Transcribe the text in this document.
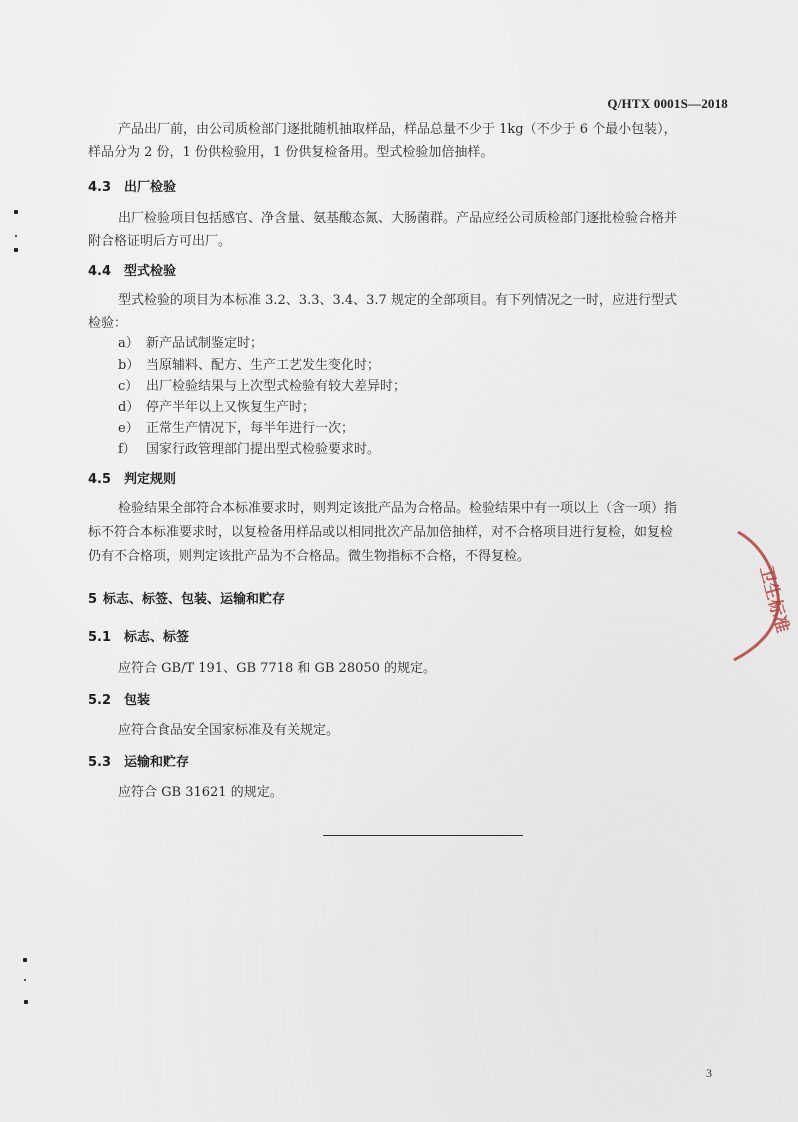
Q/HTX 0001S—2018
产品出厂前，由公司质检部门逐批随机抽取样品，样品总量不少于 1kg（不少于 6 个最小包装），
样品分为 2 份，1 份供检验用，1 份供复检备用。型式检验加倍抽样。
4.3 出厂检验
出厂检验项目包括感官、净含量、氨基酸态氮、大肠菌群。产品应经公司质检部门逐批检验合格并
附合格证明后方可出厂。
4.4 型式检验
型式检验的项目为本标准 3.2、3.3、3.4、3.7 规定的全部项目。有下列情况之一时，应进行型式
检验：
a） 新产品试制鉴定时；
b） 当原辅料、配方、生产工艺发生变化时；
c） 出厂检验结果与上次型式检验有较大差异时；
d） 停产半年以上又恢复生产时；
e） 正常生产情况下，每半年进行一次；
f） 国家行政管理部门提出型式检验要求时。
4.5 判定规则
检验结果全部符合本标准要求时，则判定该批产品为合格品。检验结果中有一项以上（含一项）指
标不符合本标准要求时，以复检备用样品或以相同批次产品加倍抽样，对不合格项目进行复检，如复检
仍有不合格项，则判定该批产品为不合格品。微生物指标不合格，不得复检。
5 标志、标签、包装、运输和贮存
5.1 标志、标签
应符合 GB/T 191、GB 7718 和 GB 28050 的规定。
5.2 包装
应符合食品安全国家标准及有关规定。
5.3 运输和贮存
应符合 GB 31621 的规定。
3
卫生标准
